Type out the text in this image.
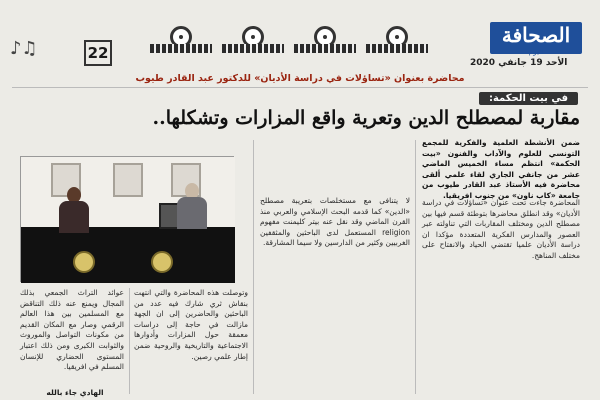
الصحافة
اليوم
22
♫♪
الأحد 19 جانفي 2020
محاضرة بعنوان «تساؤلات في دراسة الأديان» للدكتور عبد القادر طيوب
في بيت الحكمة:
مقاربة لمصطلح الدين وتعرية واقع المزارات وتشكلها..
ضمن الأنشطة العلمية والفكرية للمجمع التونسي للعلوم والآداب والفنون «بيت الحكمة» انتظم مساء الخميس الماضي عشر من جانفي الجاري لقاء علمي ألقى محاضرة فيه الأستاذ عبد القادر طيوب من جامعة «كاب ناون» من جنوب افريقيا.
المحاضرة جاءت تحت عنوان «تساؤلات في دراسة الأديان» وقد انطلق محاضرها بتوطئة قسم فيها بين مصطلح الدين ومختلف المقاربات التي تناولته عبر العصور والمدارس الفكرية المتعددة مؤكدا ان دراسة الأديان علميا تقتضي الحياد والانفتاح على مختلف المناهج.
لا يتنافى مع مستخلصات بتعريبة مصطلح «الدين» كما قدمه البحث الإسلامي والعربي منذ القرن الماضي وقد نقل عنه بيتر كليمنت مفهوم religion المستعمل لدى الباحثين والمثقفين الغربيين وكثير من الدارسين ولا سيما المشارقة.
وتوصلت هذه المحاضرة والتي انتهت بنقاش ثري شارك فيه عدد من الباحثين والحاضرين إلى ان الجهة مازالت في حاجة إلى دراسات معمقة حول المزارات وأدوارها الاجتماعية والتاريخية والروحية ضمن إطار علمي رصين.
عوائد التراث الجمعي بذلك المجال ويمنع عنه ذلك التناقض مع المسلمين بين هذا العالم الرقمي وصار مع المكان القديم من مكونات التواصل والموروث والثوابت الكبرى ومن ذلك اعتبار المستوى الحضاري للإنسان المسلم في افريقيا.
الهادي جاء بالله
